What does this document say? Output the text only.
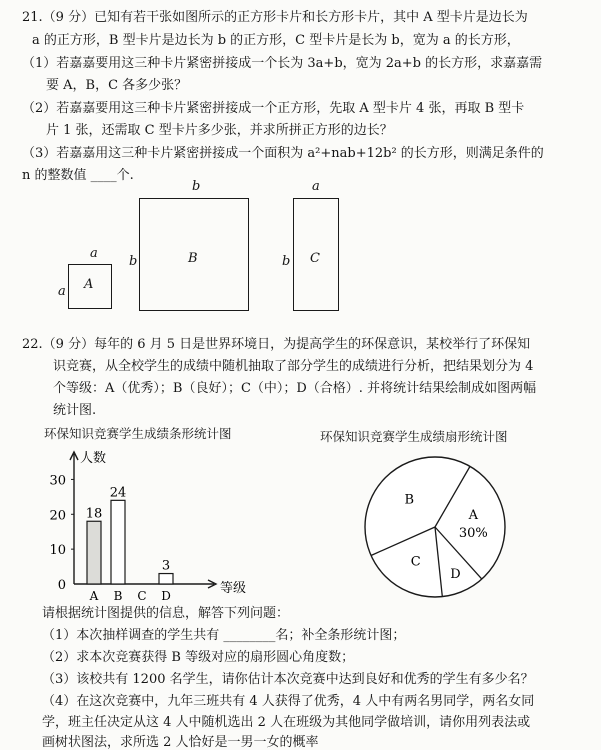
21.（9 分）已知有若干张如图所示的正方形卡片和长方形卡片，其中 A 型卡片是边长为
a 的正方形，B 型卡片是边长为 b 的正方形，C 型卡片是长为 b，宽为 a 的长方形，
（1）若嘉嘉要用这三种卡片紧密拼接成一个长为 3a+b，宽为 2a+b 的长方形，求嘉嘉需
要 A，B，C 各多少张？
（2）若嘉嘉要用这三种卡片紧密拼接成一个正方形，先取 A 型卡片 4 张，再取 B 型卡
片 1 张，还需取 C 型卡片多少张，并求所拼正方形的边长？
（3）若嘉嘉用这三种卡片紧密拼接成一个面积为 a²+nab+12b² 的长方形，则满足条件的
n 的整数值 ____个.
a
a A
b
b	B
a
b C
22.（9 分）每年的 6 月 5 日是世界环境日，为提高学生的环保意识，某校举行了环保知
识竞赛，从全校学生的成绩中随机抽取了部分学生的成绩进行分析，把结果划分为 4
个等级：A（优秀）；B（良好）；C（中）；D（合格）. 并将统计结果绘制成如图两幅
统计图.
环保知识竞赛学生成绩条形统计图	环保知识竞赛学生成绩扇形统计图
人数
等级
0
10
20
30
A
18
B
24
C D
3
A
30%
D
C
B
请根据统计图提供的信息，解答下列问题：
（1）本次抽样调查的学生共有 ________名；补全条形统计图；
（2）求本次竞赛获得 B 等级对应的扇形圆心角度数；
（3）该校共有 1200 名学生，请你估计本次竞赛中达到良好和优秀的学生有多少名？
（4）在这次竞赛中，九年三班共有 4 人获得了优秀，4 人中有两名男同学，两名女同
学，班主任决定从这 4 人中随机选出 2 人在班级为其他同学做培训，请你用列表法或
画树状图法，求所选 2 人恰好是一男一女的概率
